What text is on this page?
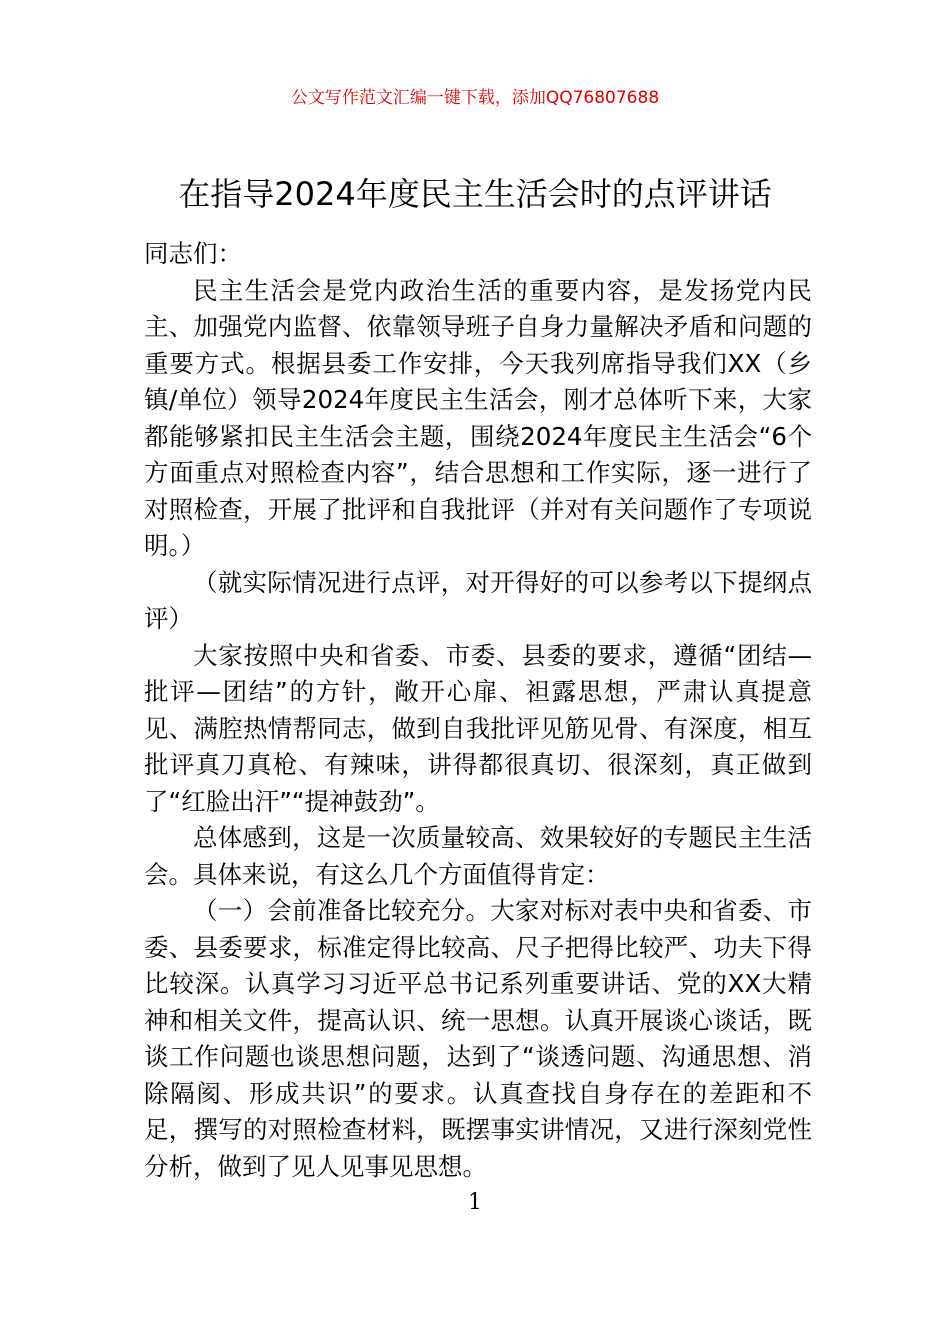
公文写作范文汇编一键下载，添加QQ76807688
在指导2024年度民主生活会时的点评讲话

同志们：

民主生活会是党内政治生活的重要内容，是发扬党内民主、加强党内监督、依靠领导班子自身力量解决矛盾和问题的重要方式。根据县委工作安排，今天我列席指导我们XX（乡镇/单位）领导2024年度民主生活会，刚才总体听下来，大家都能够紧扣民主生活会主题，围绕2024年度民主生活会“6个方面重点对照检查内容”，结合思想和工作实际，逐一进行了对照检查，开展了批评和自我批评（并对有关问题作了专项说明。）

（就实际情况进行点评，对开得好的可以参考以下提纲点评）

大家按照中央和省委、市委、县委的要求，遵循“团结—批评—团结”的方针，敞开心扉、袒露思想，严肃认真提意见、满腔热情帮同志，做到自我批评见筋见骨、有深度，相互批评真刀真枪、有辣味，讲得都很真切、很深刻，真正做到了“红脸出汗”“提神鼓劲”。

总体感到，这是一次质量较高、效果较好的专题民主生活会。具体来说，有这么几个方面值得肯定：

（一）会前准备比较充分。大家对标对表中央和省委、市委、县委要求，标准定得比较高、尺子把得比较严、功夫下得比较深。认真学习习近平总书记系列重要讲话、党的XX大精神和相关文件，提高认识、统一思想。认真开展谈心谈话，既谈工作问题也谈思想问题，达到了“谈透问题、沟通思想、消除隔阂、形成共识”的要求。认真查找自身存在的差距和不足，撰写的对照检查材料，既摆事实讲情况，又进行深刻党性分析，做到了见人见事见思想。

1
